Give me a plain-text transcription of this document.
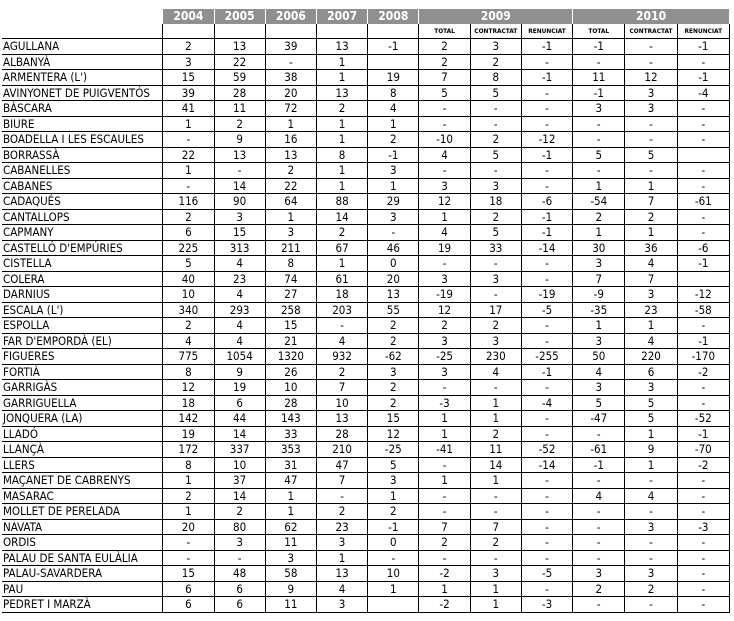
	2004	2005	2006	2007	2008	2009			2010		
						TOTAL	CONTRACTAT	RENUNCIAT	TOTAL	CONTRACTAT	RENUNCIAT
AGULLANA	2	13	39	13	-1	2	3	-1	-1	-	-1
ALBANYÀ	3	22	-	1		2	2	-	-	-	-
ARMENTERA (L')	15	59	38	1	19	7	8	-1	11	12	-1
AVINYONET DE PUIGVENTÓS	39	28	20	13	8	5	5	-	-1	3	-4
BÀSCARA	41	11	72	2	4	-	-	-	3	3	-
BIURE	1	2	1	1	1	-	-	-	-	-	-
BOADELLA I LES ESCAULES	-	9	16	1	2	-10	2	-12	-	-	-
BORRASSÀ	22	13	13	8	-1	4	5	-1	5	5	
CABANELLES	1	-	2	1	3	-	-	-	-	-	-
CABANES	-	14	22	1	1	3	3	-	1	1	-
CADAQUÉS	116	90	64	88	29	12	18	-6	-54	7	-61
CANTALLOPS	2	3	1	14	3	1	2	-1	2	2	-
CAPMANY	6	15	3	2	-	4	5	-1	1	1	-
CASTELLÓ D'EMPÚRIES	225	313	211	67	46	19	33	-14	30	36	-6
CISTELLA	5	4	8	1	0	-	-	-	3	4	-1
COLERA	40	23	74	61	20	3	3	-	7	7	
DARNIUS	10	4	27	18	13	-19	-	-19	-9	3	-12
ESCALA (L')	340	293	258	203	55	12	17	-5	-35	23	-58
ESPOLLA	2	4	15	-	2	2	2	-	1	1	-
FAR D'EMPORDÀ (EL)	4	4	21	4	2	3	3	-	3	4	-1
FIGUERES	775	1054	1320	932	-62	-25	230	-255	50	220	-170
FORTIÀ	8	9	26	2	3	3	4	-1	4	6	-2
GARRIGÀS	12	19	10	7	2	-	-	-	3	3	-
GARRIGUELLA	18	6	28	10	2	-3	1	-4	5	5	-
JONQUERA (LA)	142	44	143	13	15	1	1	-	-47	5	-52
LLADÓ	19	14	33	28	12	1	2	-	-	1	-1
LLANÇÀ	172	337	353	210	-25	-41	11	-52	-61	9	-70
LLERS	8	10	31	47	5	-	14	-14	-1	1	-2
MAÇANET DE CABRENYS	1	37	47	7	3	1	1	-	-	-	-
MASARAC	2	14	1	-	1	-	-	-	4	4	-
MOLLET DE PERELADA	1	2	1	2	2	-	-	-	-	-	-
NAVATA	20	80	62	23	-1	7	7	-	-	3	-3
ORDIS	-	3	11	3	0	2	2	-	-	-	-
PALAU DE SANTA EULÀLIA	-	-	3	1	-	-	-	-	-	-	-
PALAU-SAVARDERA	15	48	58	13	10	-2	3	-5	3	3	-
PAU	6	6	9	4	1	1	1	-	2	2	-
PEDRET I MARZÀ	6	6	11	3		-2	1	-3	-	-	-
